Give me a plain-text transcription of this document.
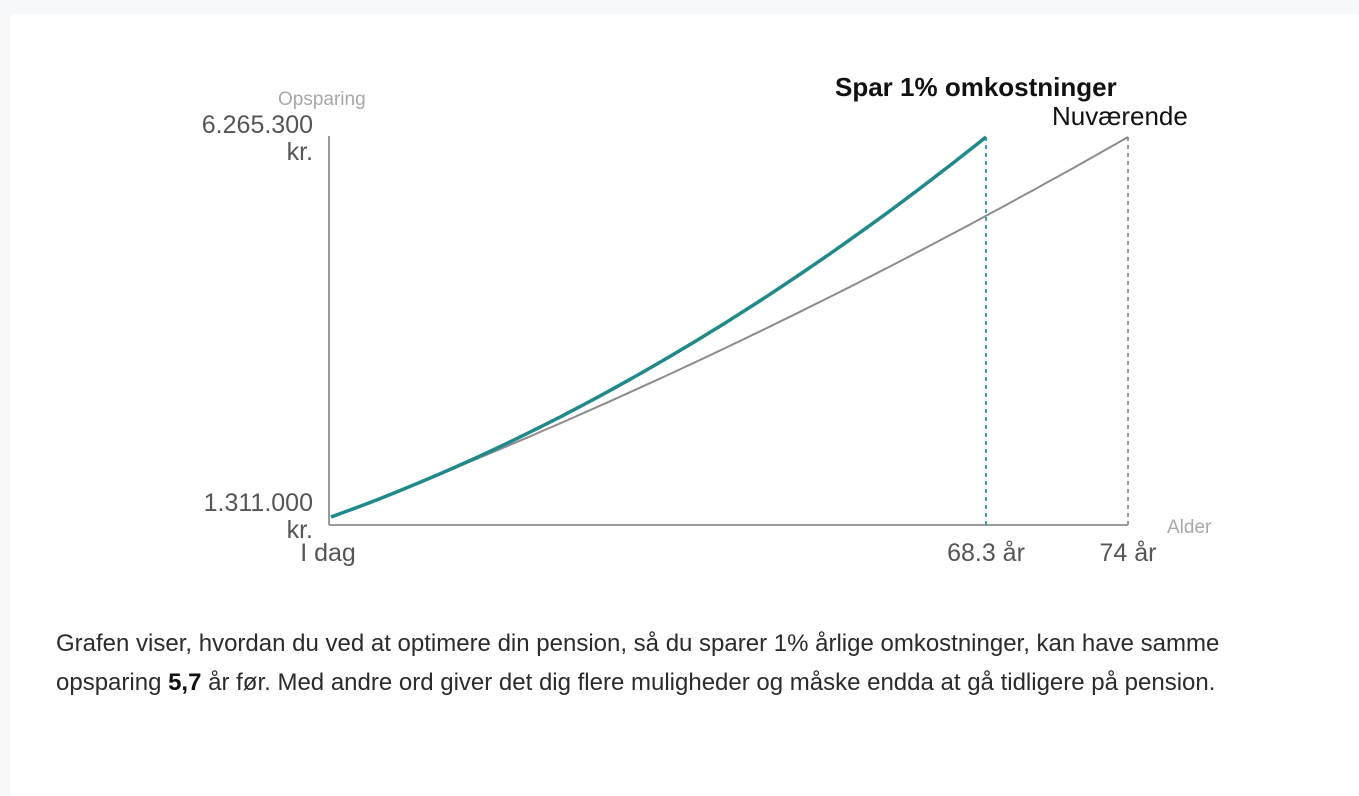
Opsparing
Alder
6.265.300
kr.
1.311.000
kr.
I dag	68.3 år	74 år
Spar 1% omkostninger
Nuværende

Grafen viser, hvordan du ved at optimere din pension, så du sparer 1% årlige omkostninger, kan have samme opsparing 5,7 år før. Med andre ord giver det dig flere muligheder og måske endda at gå tidligere på pension.
